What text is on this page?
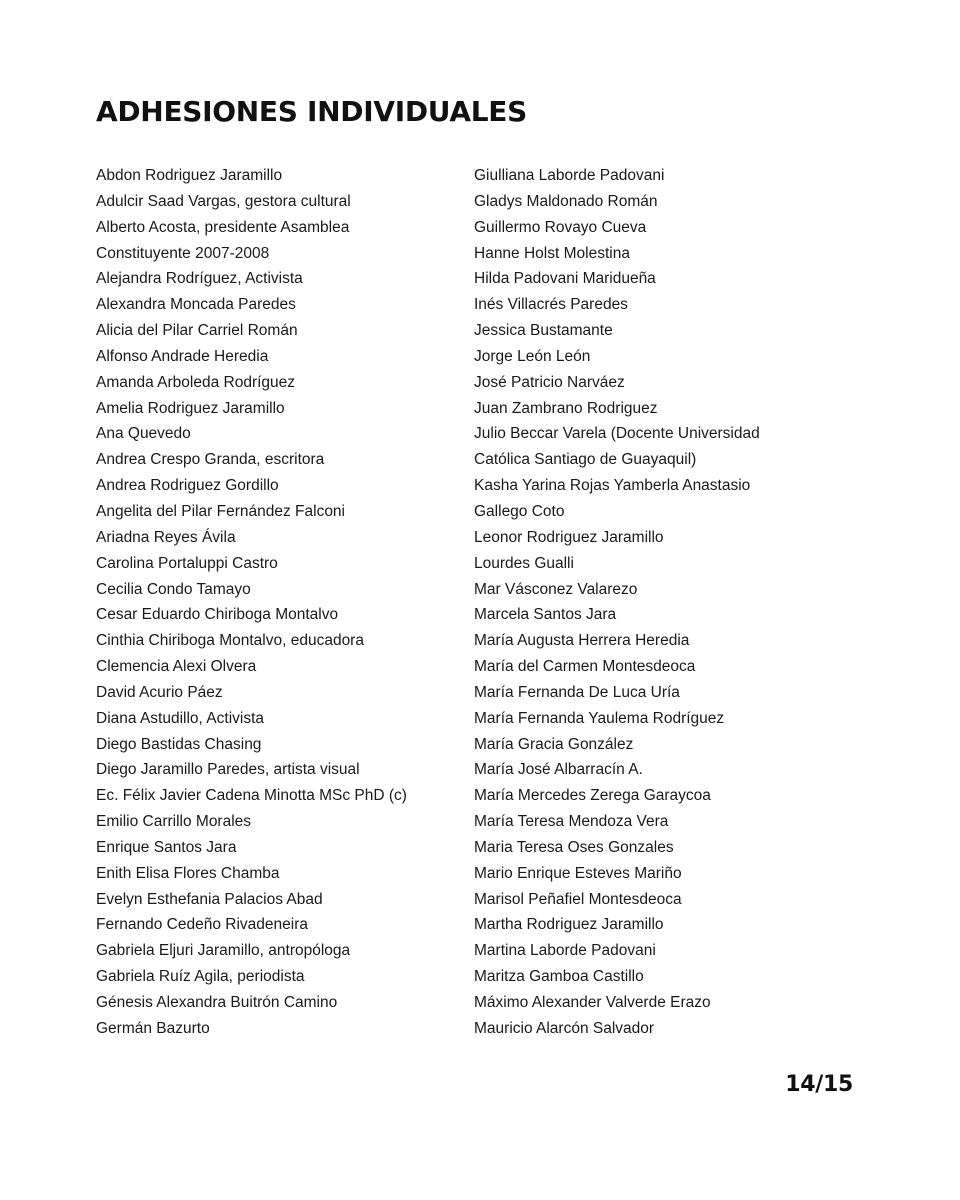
ADHESIONES INDIVIDUALES
Abdon Rodriguez Jaramillo
Adulcir Saad Vargas, gestora cultural
Alberto Acosta, presidente Asamblea
Constituyente 2007-2008
Alejandra Rodríguez, Activista
Alexandra Moncada Paredes
Alicia del Pilar Carriel Román
Alfonso Andrade Heredia
Amanda Arboleda Rodríguez
Amelia Rodriguez Jaramillo
Ana Quevedo
Andrea Crespo Granda, escritora
Andrea Rodriguez Gordillo
Angelita del Pilar Fernández Falconi
Ariadna Reyes Ávila
Carolina Portaluppi Castro
Cecilia Condo Tamayo
Cesar Eduardo Chiriboga Montalvo
Cinthia Chiriboga Montalvo, educadora
Clemencia Alexi Olvera
David Acurio Páez
Diana Astudillo, Activista
Diego Bastidas Chasing
Diego Jaramillo Paredes, artista visual
Ec. Félix Javier Cadena Minotta MSc PhD (c)
Emilio Carrillo Morales
Enrique Santos Jara
Enith Elisa Flores Chamba
Evelyn Esthefania Palacios Abad
Fernando Cedeño Rivadeneira
Gabriela Eljuri Jaramillo, antropóloga
Gabriela Ruíz Agila, periodista
Génesis Alexandra Buitrón Camino
Germán Bazurto
Giulliana Laborde Padovani
Gladys Maldonado Román
Guillermo Rovayo Cueva
Hanne Holst Molestina
Hilda Padovani Maridueña
Inés Villacrés Paredes
Jessica Bustamante
Jorge León León
José Patricio Narváez
Juan Zambrano Rodriguez
Julio Beccar Varela (Docente Universidad
Católica Santiago de Guayaquil)
Kasha Yarina Rojas Yamberla Anastasio
Gallego Coto
Leonor Rodriguez Jaramillo
Lourdes Gualli
Mar Vásconez Valarezo
Marcela Santos Jara
María Augusta Herrera Heredia
María del Carmen Montesdeoca
María Fernanda De Luca Uría
María Fernanda Yaulema Rodríguez
María Gracia González
María José Albarracín A.
María Mercedes Zerega Garaycoa
María Teresa Mendoza Vera
Maria Teresa Oses Gonzales
Mario Enrique Esteves Mariño
Marisol Peñafiel Montesdeoca
Martha Rodriguez Jaramillo
Martina Laborde Padovani
Maritza Gamboa Castillo
Máximo Alexander Valverde Erazo
Mauricio Alarcón Salvador
14/15
